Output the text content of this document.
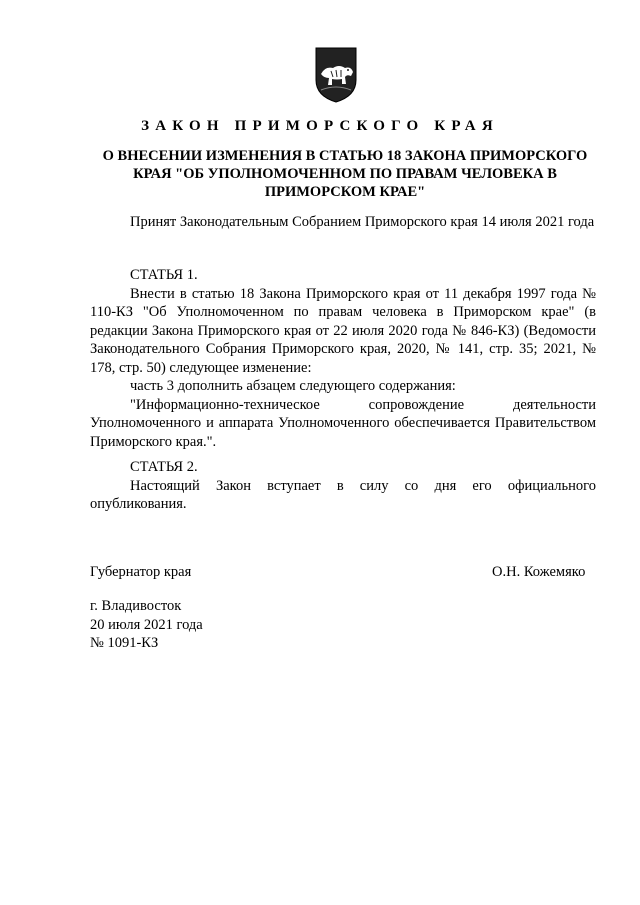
ЗАКОН ПРИМОРСКОГО КРАЯ
О ВНЕСЕНИИ ИЗМЕНЕНИЯ В СТАТЬЮ 18 ЗАКОНА ПРИМОРСКОГО КРАЯ "ОБ УПОЛНОМОЧЕННОМ ПО ПРАВАМ ЧЕЛОВЕКА В ПРИМОРСКОМ КРАЕ"

Принят Законодательным Собранием Приморского края 14 июля 2021 года

СТАТЬЯ 1.

Внести в статью 18 Закона Приморского края от 11 декабря 1997 года № 110-КЗ "Об Уполномоченном по правам человека в Приморском крае" (в редакции Закона Приморского края от 22 июля 2020 года № 846-КЗ) (Ведомости Законодательного Собрания Приморского края, 2020, № 141, стр. 35; 2021, № 178, стр. 50) следующее изменение:

часть 3 дополнить абзацем следующего содержания:

"Информационно-техническое сопровождение деятельности Уполномоченного и аппарата Уполномоченного обеспечивается Правительством Приморского края.".

СТАТЬЯ 2.

Настоящий Закон вступает в силу со дня его официального опубликования.

Губернатор края	О.Н. Кожемяко
г. Владивосток
20 июля 2021 года
№ 1091-КЗ
